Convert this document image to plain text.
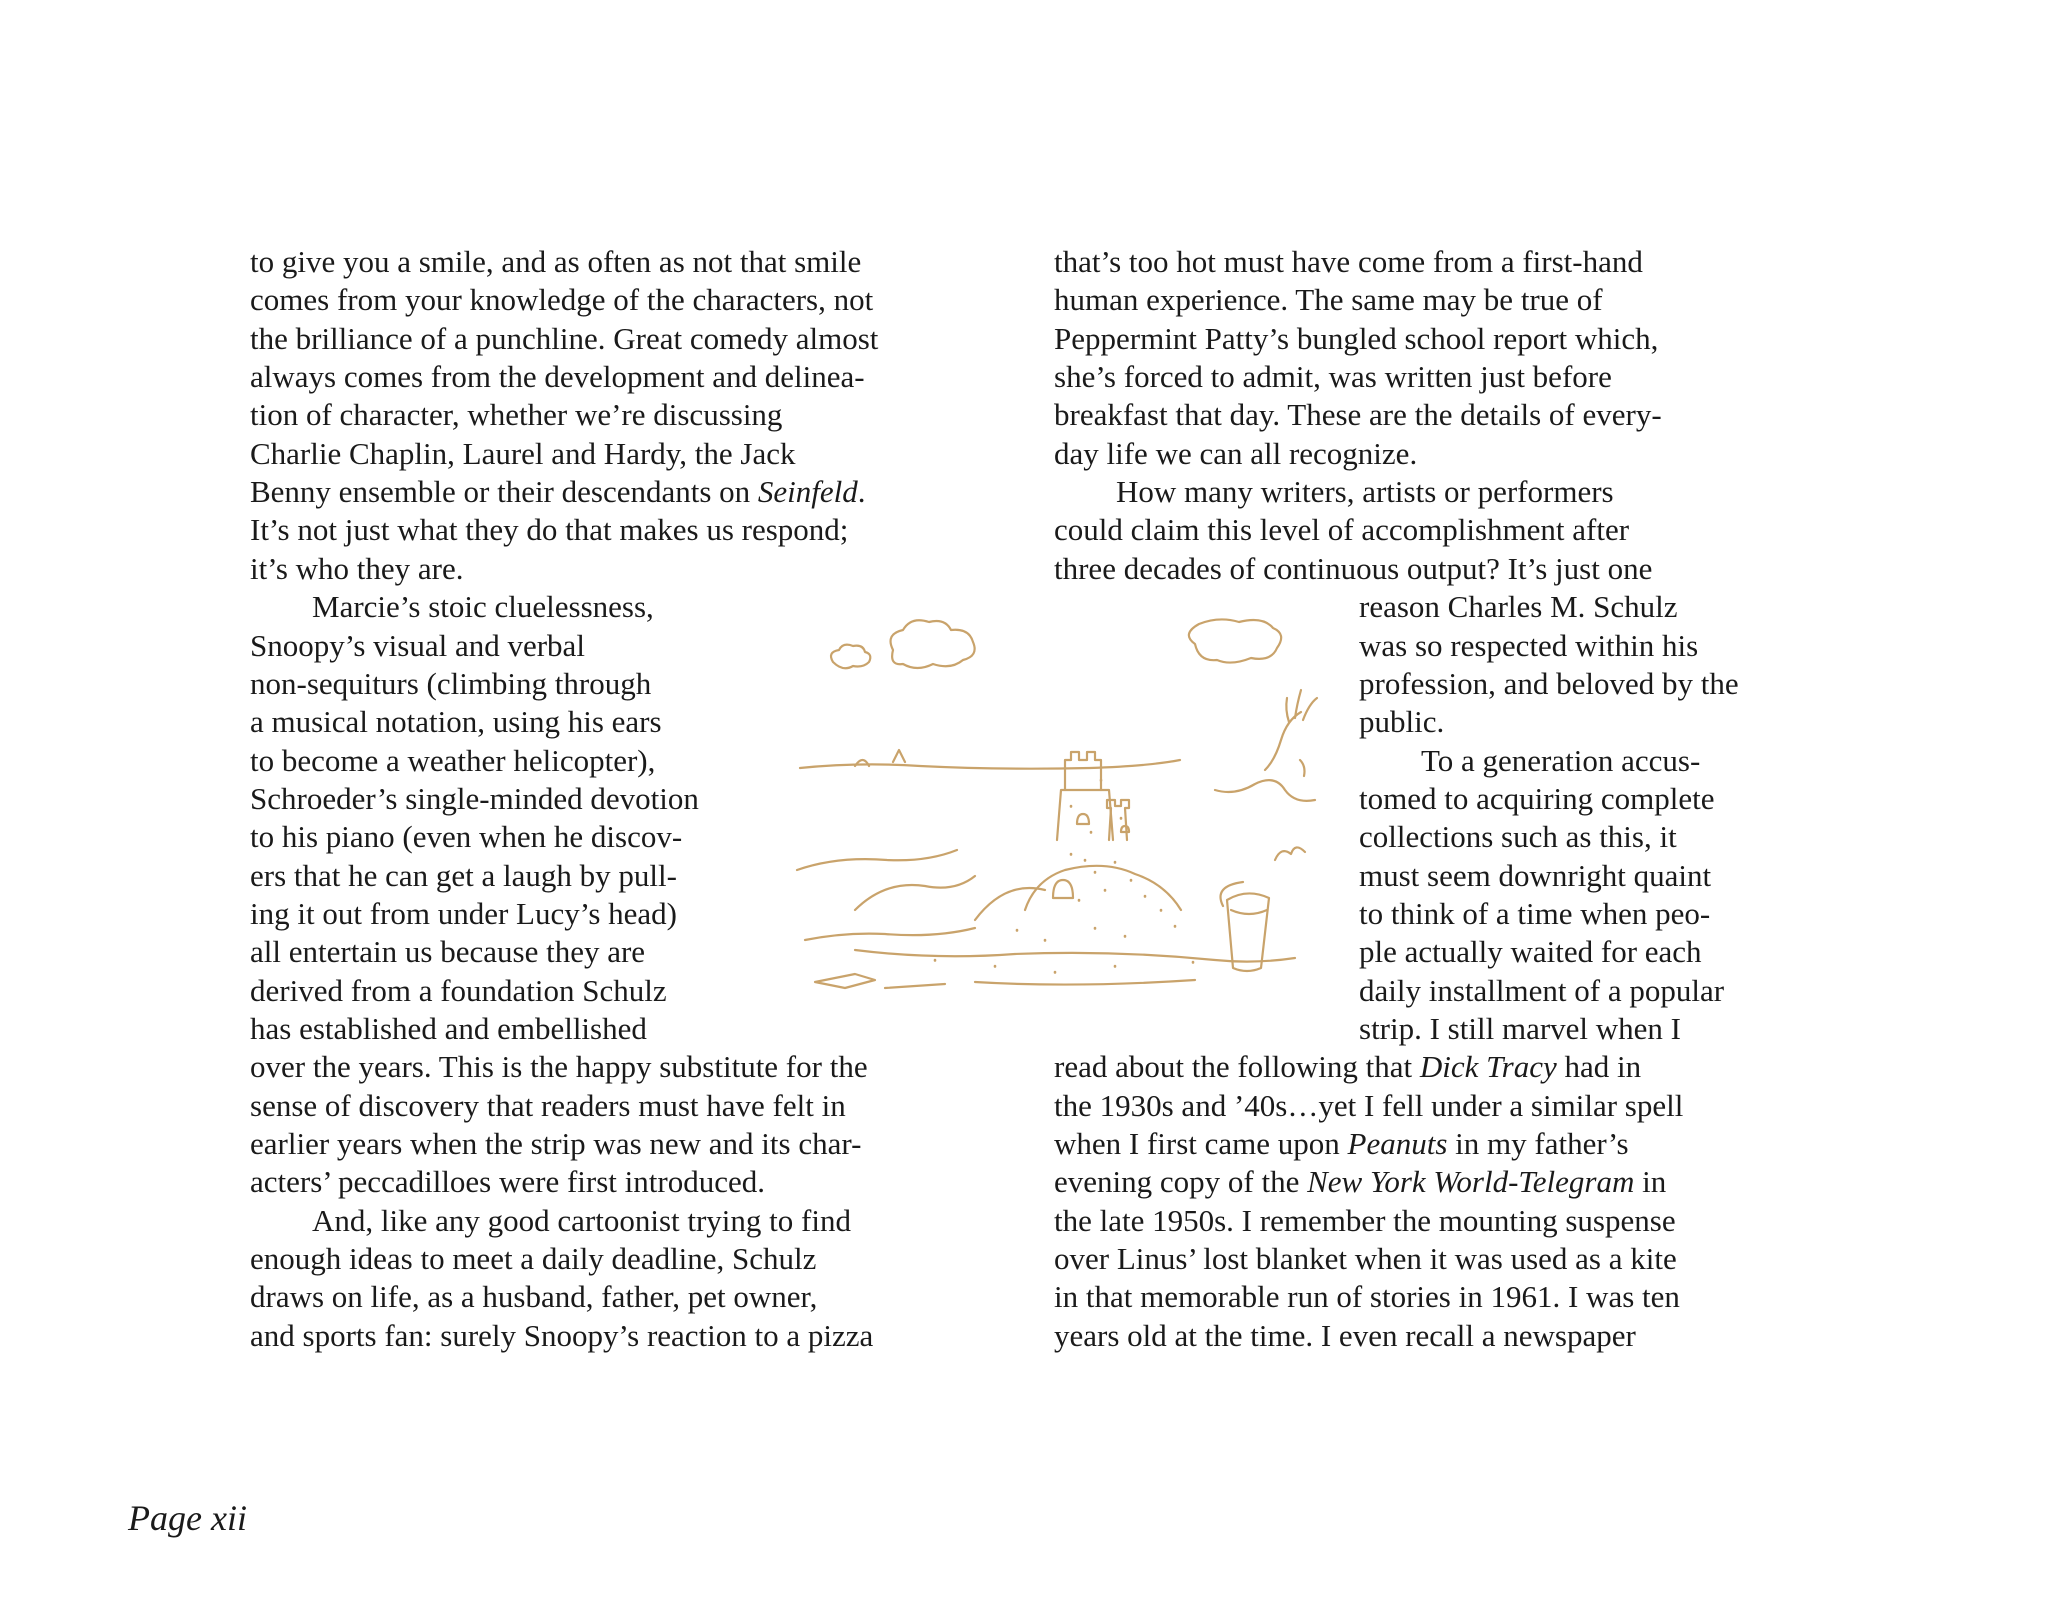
to give you a smile, and as often as not that smile
comes from your knowledge of the characters, not
the brilliance of a punchline. Great comedy almost
always comes from the development and delinea-
tion of character, whether we’re discussing
Charlie Chaplin, Laurel and Hardy, the Jack
Benny ensemble or their descendants on Seinfeld.
It’s not just what they do that makes us respond;
it’s who they are.
Marcie’s stoic cluelessness,
Snoopy’s visual and verbal
non-sequiturs (climbing through
a musical notation, using his ears
to become a weather helicopter),
Schroeder’s single-minded devotion
to his piano (even when he discov-
ers that he can get a laugh by pull-
ing it out from under Lucy’s head)
all entertain us because they are
derived from a foundation Schulz
has established and embellished
over the years. This is the happy substitute for the
sense of discovery that readers must have felt in
earlier years when the strip was new and its char-
acters’ peccadilloes were first introduced.
And, like any good cartoonist trying to find
enough ideas to meet a daily deadline, Schulz
draws on life, as a husband, father, pet owner,
and sports fan: surely Snoopy’s reaction to a pizza
that’s too hot must have come from a first-hand
human experience. The same may be true of
Peppermint Patty’s bungled school report which,
she’s forced to admit, was written just before
breakfast that day. These are the details of every-
day life we can all recognize.
How many writers, artists or performers
could claim this level of accomplishment after
three decades of continuous output? It’s just one
reason Charles M. Schulz
was so respected within his
profession, and beloved by the
public.
To a generation accus-
tomed to acquiring complete
collections such as this, it
must seem downright quaint
to think of a time when peo-
ple actually waited for each
daily installment of a popular
strip. I still marvel when I
read about the following that Dick Tracy had in
the 1930s and ’40s…yet I fell under a similar spell
when I first came upon Peanuts in my father’s
evening copy of the New York World-Telegram in
the late 1950s. I remember the mounting suspense
over Linus’ lost blanket when it was used as a kite
in that memorable run of stories in 1961. I was ten
years old at the time. I even recall a newspaper
Page xii
